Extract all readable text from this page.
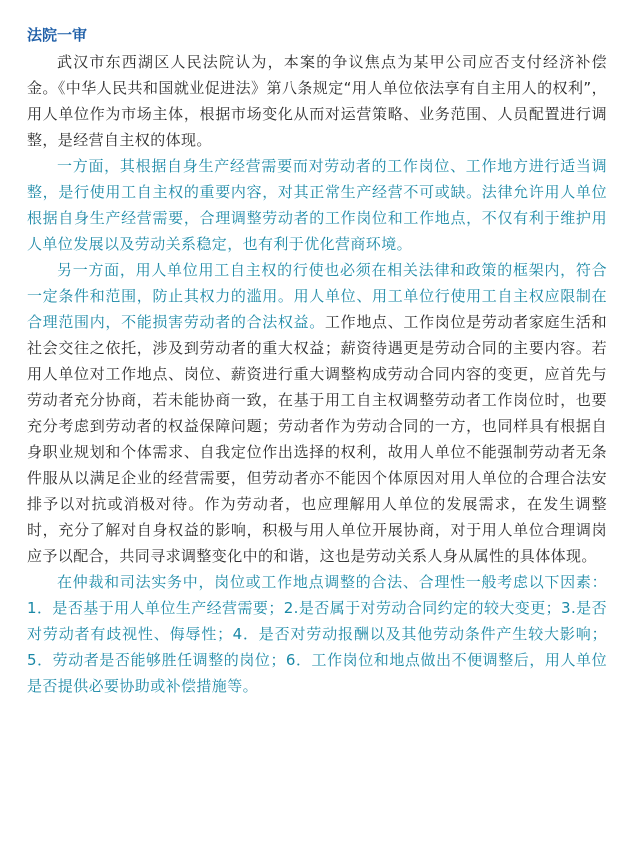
法院一审

武汉市东西湖区人民法院认为，本案的争议焦点为某甲公司应否支付经济补偿金。《中华人民共和国就业促进法》第八条规定“用人单位依法享有自主用人的权利”，用人单位作为市场主体，根据市场变化从而对运营策略、业务范围、人员配置进行调整，是经营自主权的体现。

一方面，其根据自身生产经营需要而对劳动者的工作岗位、工作地方进行适当调整，是行使用工自主权的重要内容，对其正常生产经营不可或缺。法律允许用人单位根据自身生产经营需要，合理调整劳动者的工作岗位和工作地点，不仅有利于维护用人单位发展以及劳动关系稳定，也有利于优化营商环境。

另一方面，用人单位用工自主权的行使也必须在相关法律和政策的框架内，符合一定条件和范围，防止其权力的滥用。用人单位、用工单位行使用工自主权应限制在合理范围内，不能损害劳动者的合法权益。工作地点、工作岗位是劳动者家庭生活和社会交往之依托，涉及到劳动者的重大权益；薪资待遇更是劳动合同的主要内容。若用人单位对工作地点、岗位、薪资进行重大调整构成劳动合同内容的变更，应首先与劳动者充分协商，若未能协商一致，在基于用工自主权调整劳动者工作岗位时，也要充分考虑到劳动者的权益保障问题；劳动者作为劳动合同的一方，也同样具有根据自身职业规划和个体需求、自我定位作出选择的权利，故用人单位不能强制劳动者无条件服从以满足企业的经营需要，但劳动者亦不能因个体原因对用人单位的合理合法安排予以对抗或消极对待。作为劳动者，也应理解用人单位的发展需求，在发生调整时，充分了解对自身权益的影响，积极与用人单位开展协商，对于用人单位合理调岗应予以配合，共同寻求调整变化中的和谐，这也是劳动关系人身从属性的具体体现。

在仲裁和司法实务中，岗位或工作地点调整的合法、合理性一般考虑以下因素：1．是否基于用人单位生产经营需要；2.是否属于对劳动合同约定的较大变更；3.是否对劳动者有歧视性、侮辱性；4．是否对劳动报酬以及其他劳动条件产生较大影响；5．劳动者是否能够胜任调整的岗位；6．工作岗位和地点做出不便调整后，用人单位是否提供必要协助或补偿措施等。
